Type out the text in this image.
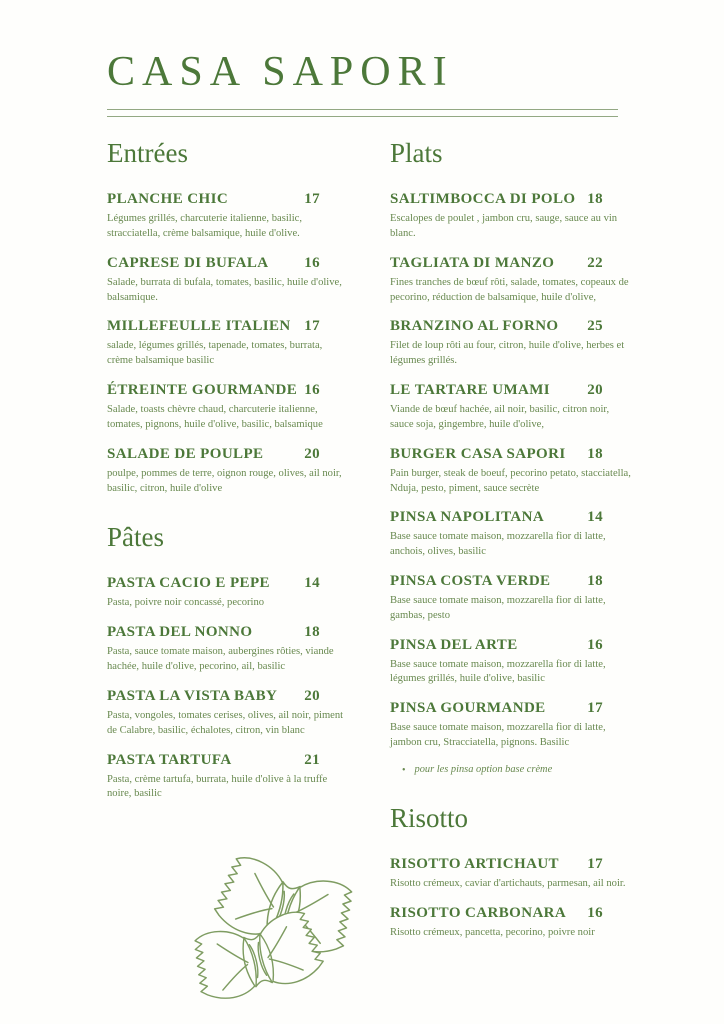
CASA SAPORI
Entrées
PLANCHE CHIC	17

Légumes grillés, charcuterie italienne, basilic, stracciatella, crème balsamique, huile d'olive.

CAPRESE DI BUFALA 16

Salade, burrata di bufala, tomates, basilic, huile d'olive, balsamique.

MILLEFEULLE ITALIEN 17

salade, légumes grillés, tapenade, tomates, burrata, crème balsamique basilic

ÉTREINTE GOURMANDE 16

Salade, toasts chèvre chaud, charcuterie italienne, tomates, pignons, huile d'olive, basilic, balsamique

SALADE DE POULPE	20

poulpe, pommes de terre, oignon rouge, olives, ail noir, basilic, citron, huile d'olive

Pâtes
PASTA CACIO E PEPE 14

Pasta, poivre noir concassé, pecorino

PASTA DEL NONNO	18

Pasta, sauce tomate maison, aubergines rôties, viande hachée, huile d'olive, pecorino, ail, basilic

PASTA LA VISTA BABY 20

Pasta, vongoles, tomates cerises, olives, ail noir, piment de Calabre, basilic, échalotes, citron, vin blanc

PASTA TARTUFA	21

Pasta, crème tartufa, burrata, huile d'olive à la truffe noire, basilic

Plats
SALTIMBOCCA DI POLO 18

Escalopes de poulet , jambon cru, sauge, sauce au vin blanc.

TAGLIATA DI MANZO 22

Fines tranches de bœuf rôti, salade, tomates, copeaux de pecorino, réduction de balsamique, huile d'olive,

BRANZINO AL FORNO 25

Filet de loup rôti au four, citron, huile d'olive, herbes et légumes grillés.

LE TARTARE UMAMI 20

Viande de bœuf hachée, ail noir, basilic, citron noir, sauce soja, gingembre, huile d'olive,

BURGER CASA SAPORI 18

Pain burger, steak de boeuf, pecorino petato, stacciatella, Nduja, pesto, piment, sauce secrète

PINSA NAPOLITANA	14

Base sauce tomate maison, mozzarella fior di latte, anchois, olives, basilic

PINSA COSTA VERDE 18

Base sauce tomate maison, mozzarella fior di latte, gambas, pesto

PINSA DEL ARTE	16

Base sauce tomate maison, mozzarella fior di latte, légumes grillés, huile d'olive, basilic

PINSA GOURMANDE	17

Base sauce tomate maison, mozzarella fior di latte, jambon cru, Stracciatella, pignons. Basilic

• pour les pinsa option base crème
Risotto
RISOTTO ARTICHAUT 17

Risotto crémeux, caviar d'artichauts, parmesan, ail noir.

RISOTTO CARBONARA 16

Risotto crémeux, pancetta, pecorino, poivre noir
